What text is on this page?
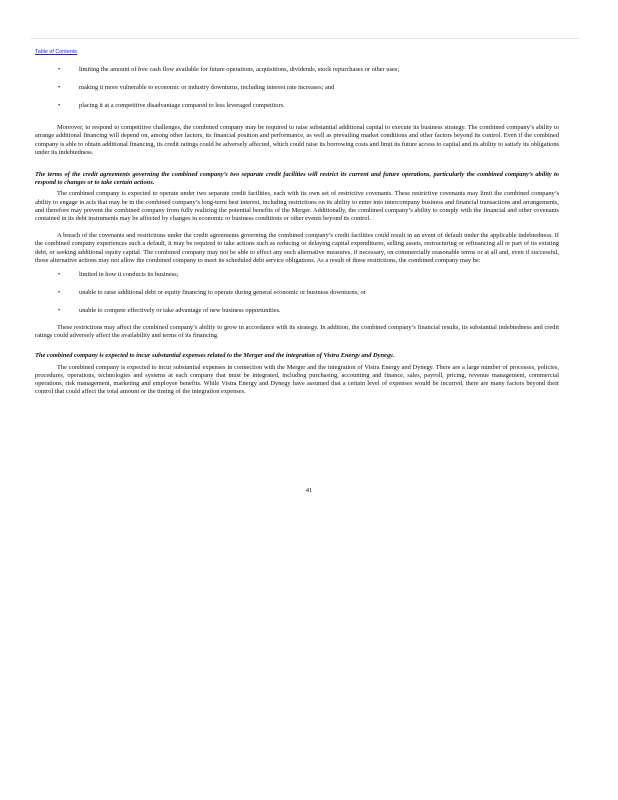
Table of Contents
•	limiting the amount of free cash flow available for future operations, acquisitions, dividends, stock repurchases or other uses;
•	making it more vulnerable to economic or industry downturns, including interest rate increases; and
•	placing it at a competitive disadvantage compared to less leveraged competitors.

Moreover, to respond to competitive challenges, the combined company may be required to raise substantial additional capital to execute its business strategy. The combined company’s ability to arrange additional financing will depend on, among other factors, its financial position and performance, as well as prevailing market conditions and other factors beyond its control. Even if the combined company is able to obtain additional financing, its credit ratings could be adversely affected, which could raise its borrowing costs and limit its future access to capital and its ability to satisfy its obligations under its indebtedness.

The terms of the credit agreements governing the combined company’s two separate credit facilities will restrict its current and future operations, particularly the combined company’s ability to respond to changes or to take certain actions.

The combined company is expected to operate under two separate credit facilities, each with its own set of restrictive covenants. These restrictive covenants may limit the combined company’s ability to engage in acts that may be in the combined company’s long-term best interest, including restrictions on its ability to enter into intercompany business and financial transactions and arrangements, and therefore may prevent the combined company from fully realizing the potential benefits of the Merger. Additionally, the combined company’s ability to comply with the financial and other covenants contained in its debt instruments may be affected by changes in economic or business conditions or other events beyond its control.

A breach of the covenants and restrictions under the credit agreements governing the combined company’s credit facilities could result in an event of default under the applicable indebtedness. If the combined company experiences such a default, it may be required to take actions such as reducing or delaying capital expenditures, selling assets, restructuring or refinancing all or part of its existing debt, or seeking additional equity capital. The combined company may not be able to effect any such alternative measures, if necessary, on commercially reasonable terms or at all and, even if successful, those alternative actions may not allow the combined company to meet its scheduled debt service obligations. As a result of these restrictions, the combined company may be:

•	limited in how it conducts its business;
•	unable to raise additional debt or equity financing to operate during general economic or business downturns; or
•	unable to compete effectively or take advantage of new business opportunities.

These restrictions may affect the combined company’s ability to grow in accordance with its strategy. In addition, the combined company’s financial results, its substantial indebtedness and credit ratings could adversely affect the availability and terms of its financing.

The combined company is expected to incur substantial expenses related to the Merger and the integration of Vistra Energy and Dynegy.

The combined company is expected to incur substantial expenses in connection with the Merger and the integration of Vistra Energy and Dynegy. There are a large number of processes, policies, procedures, operations, technologies and systems at each company that must be integrated, including purchasing, accounting and finance, sales, payroll, pricing, revenue management, commercial operations, risk management, marketing and employee benefits. While Vistra Energy and Dynegy have assumed that a certain level of expenses would be incurred, there are many factors beyond their control that could affect the total amount or the timing of the integration expenses.

41
